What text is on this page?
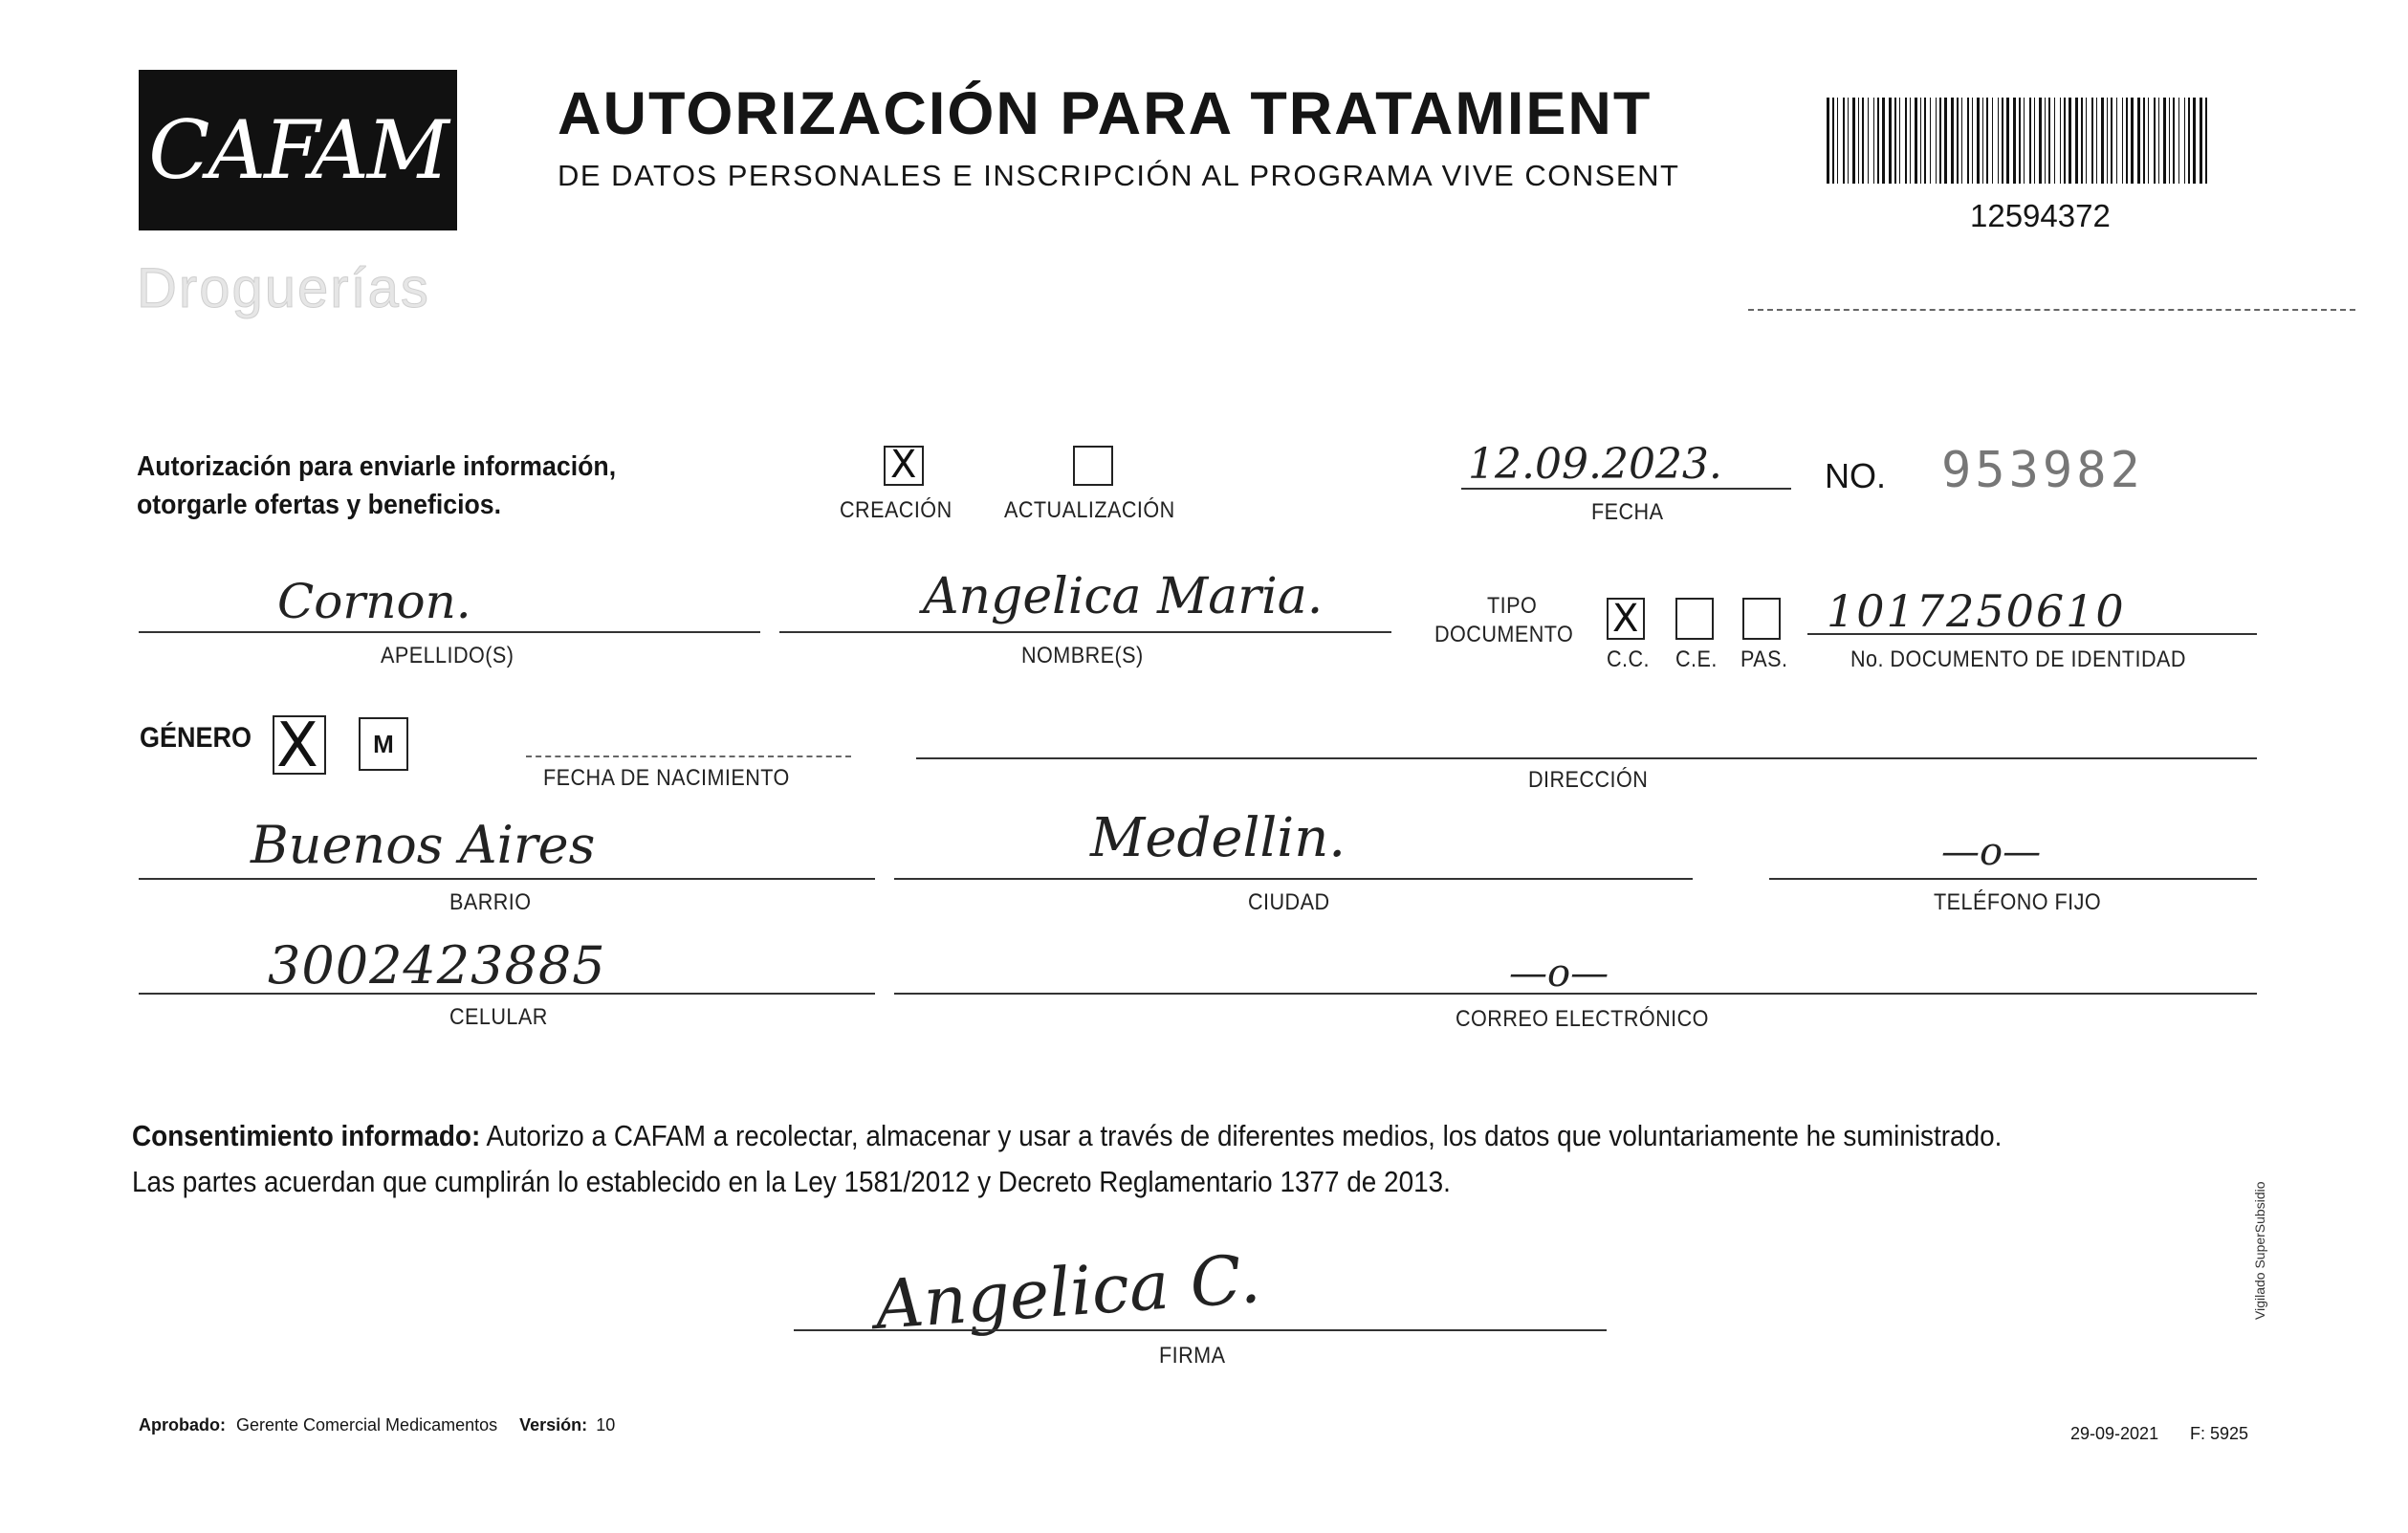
CAFAM
Droguerías
AUTORIZACIÓN PARA TRATAMIENT
DE DATOS PERSONALES E INSCRIPCIÓN AL PROGRAMA VIVE CONSENT
12594372
Autorización para enviarle información,
otorgarle ofertas y beneficios.
X
CREACIÓN ACTUALIZACIÓN
12.09.2023.
FECHA
NO. 953982
Cornon.
APELLIDO(S)
Angelica Maria.
NOMBRE(S)
TIPO
DOCUMENTO X
C.C. C.E. PAS.
1017250610
No. DOCUMENTO DE IDENTIDAD
GÉNERO X M
FECHA DE NACIMIENTO	DIRECCIÓN
Buenos Aires
BARRIO
Medellin.
CIUDAD
—o—
TELÉFONO FIJO
3002423885
CELULAR
—o—
CORREO ELECTRÓNICO
Consentimiento informado: Autorizo a CAFAM a recolectar, almacenar y usar a través de diferentes medios, los datos que voluntariamente he suministrado.
Las partes acuerdan que cumplirán lo establecido en la Ley 1581/2012 y Decreto Reglamentario 1377 de 2013.
Angelica C.
FIRMA
Aprobado: Gerente Comercial Medicamentos Versión: 10	29-09-2021 F: 5925
Vigilado SuperSubsidio
